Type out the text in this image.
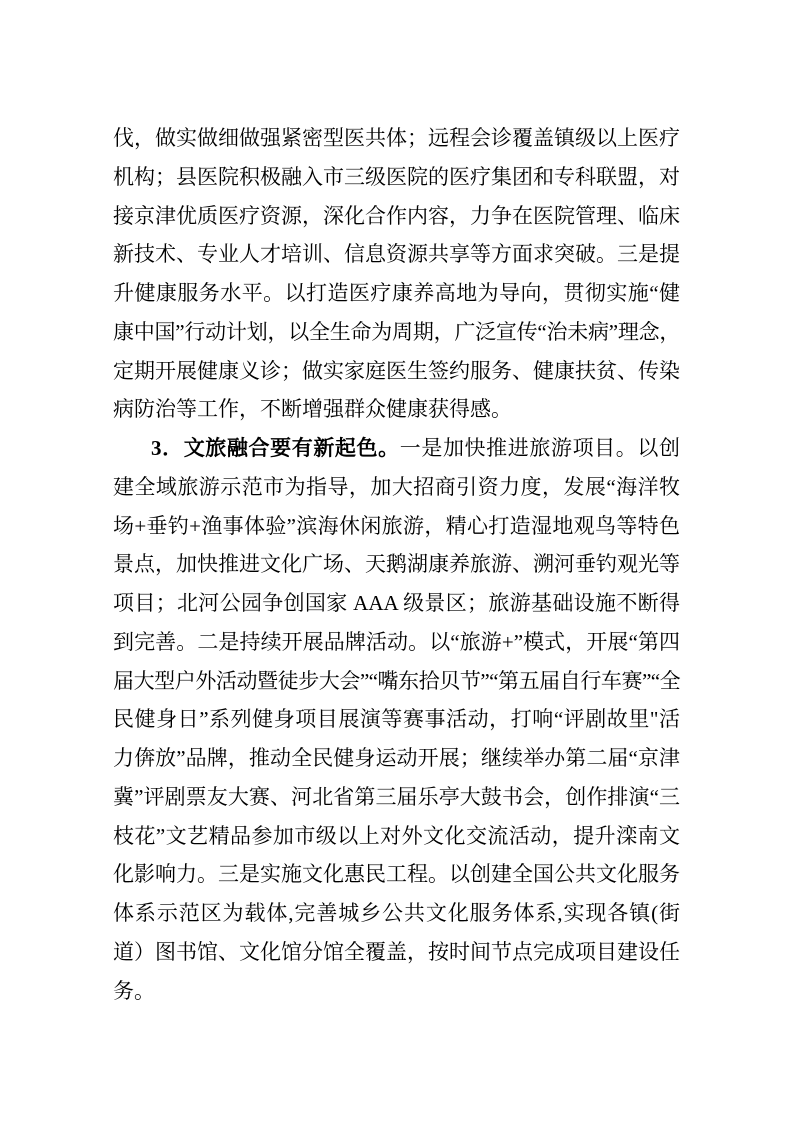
伐，做实做细做强紧密型医共体；远程会诊覆盖镇级以上医疗
机构；县医院积极融入市三级医院的医疗集团和专科联盟，对
接京津优质医疗资源，深化合作内容，力争在医院管理、临床
新技术、专业人才培训、信息资源共享等方面求突破。三是提
升健康服务水平。以打造医疗康养高地为导向，贯彻实施“健
康中国”行动计划，以全生命为周期，广泛宣传“治未病”理念，
定期开展健康义诊；做实家庭医生签约服务、健康扶贫、传染
病防治等工作，不断增强群众健康获得感。
3．文旅融合要有新起色。一是加快推进旅游项目。以创
建全域旅游示范市为指导，加大招商引资力度，发展“海洋牧
场+垂钓+渔事体验”滨海休闲旅游，精心打造湿地观鸟等特色
景点，加快推进文化广场、天鹅湖康养旅游、溯河垂钓观光等
项目；北河公园争创国家 AAA 级景区；旅游基础设施不断得
到完善。二是持续开展品牌活动。以“旅游+”模式，开展“第四
届大型户外活动暨徒步大会”“嘴东拾贝节”“第五届自行车赛”“全
民健身日”系列健身项目展演等赛事活动，打响“评剧故里"活
力倴放”品牌，推动全民健身运动开展；继续举办第二届“京津
冀”评剧票友大赛、河北省第三届乐亭大鼓书会，创作排演“三
枝花”文艺精品参加市级以上对外文化交流活动，提升滦南文
化影响力。三是实施文化惠民工程。以创建全国公共文化服务
体系示范区为载体,完善城乡公共文化服务体系,实现各镇(街
道）图书馆、文化馆分馆全覆盖，按时间节点完成项目建设任
务。
